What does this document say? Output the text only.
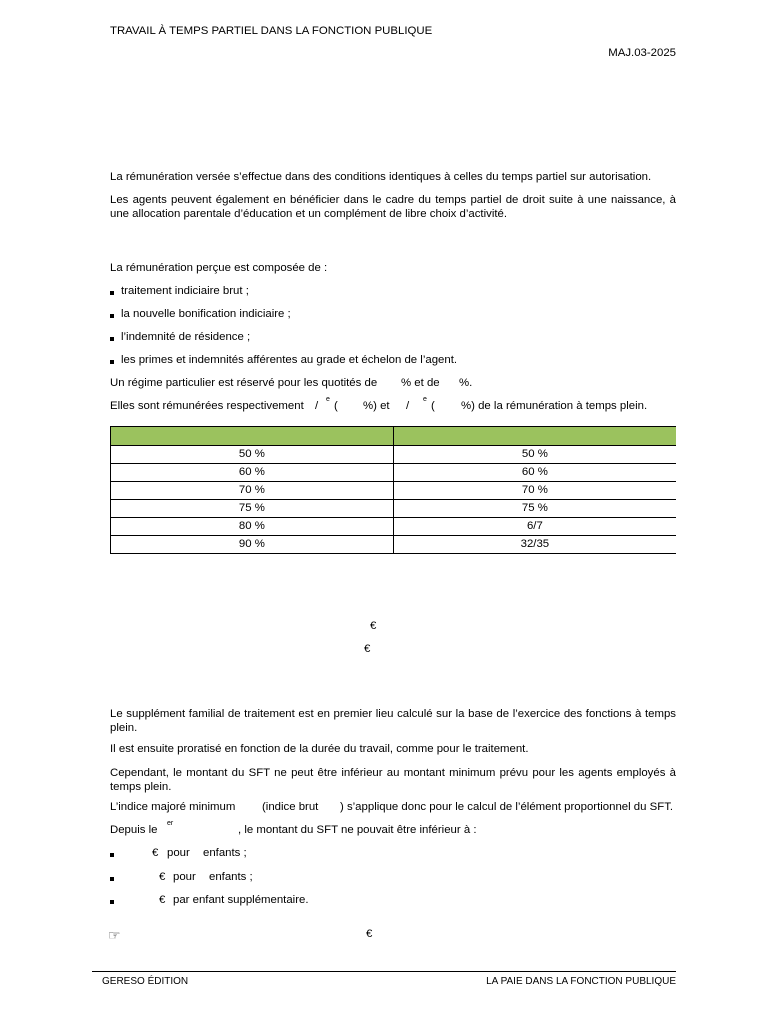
TRAVAIL À TEMPS PARTIEL DANS LA FONCTION PUBLIQUE
MAJ.03-2025
La rémunération versée s’effectue dans des conditions identiques à celles du temps partiel sur autorisation.
Les agents peuvent également en bénéficier dans le cadre du temps partiel de droit suite à une naissance, à une allocation parentale d’éducation et un complément de libre choix d’activité.
La rémunération perçue est composée de :
traitement indiciaire brut ;
la nouvelle bonification indiciaire ;
l’indemnité de résidence ;
les primes et indemnités afférentes au grade et échelon de l’agent.
Un régime particulier est réservé pour les quotités de % et de %.
Elles sont rémunérées respectivement /
e
( %) et /
e
( %) de la rémunération à temps plein.

50 %	50 %
60 %	60 %
70 %	70 %
75 %	75 %
80 %	6/7
90 %	32/35
€
€
Le supplément familial de traitement est en premier lieu calculé sur la base de l’exercice des fonctions à temps plein.
Il est ensuite proratisé en fonction de la durée du travail, comme pour le traitement.
Cependant, le montant du SFT ne peut être inférieur au montant minimum prévu pour les agents employés à temps plein.
L’indice majoré minimum (indice brut ) s’applique donc pour le calcul de l’élément proportionnel du SFT.
Depuis le
er
, le montant du SFT ne pouvait être inférieur à :
€ pour enfants ;
€ pour enfants ;
€ par enfant supplémentaire.
☞	€
GERESO ÉDITION	LA PAIE DANS LA FONCTION PUBLIQUE
